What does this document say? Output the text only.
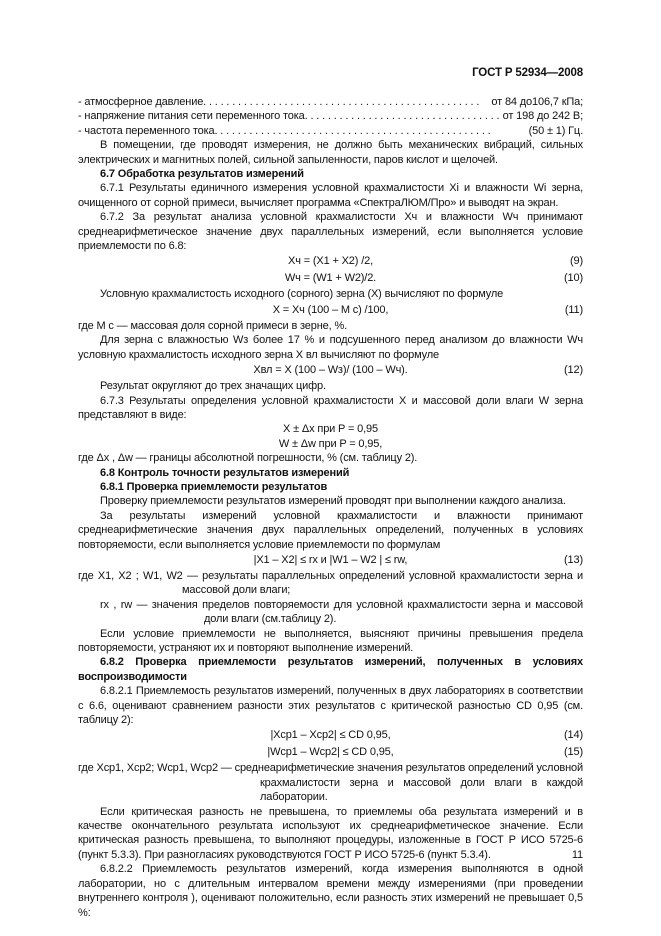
ГОСТ Р 52934—2008
- атмосферное давление . . .	от 84 до106,7 кПа;
- напряжение питания сети переменного тока . . .	от 198 до 242 В;
- частота переменного тока . . .	(50 ± 1) Гц.

В помещении, где проводят измерения, не должно быть механических вибраций, сильных электрических и магнитных полей, сильной запыленности, паров кислот и щелочей.

6.7 Обработка результатов измерений

6.7.1 Результаты единичного измерения условной крахмалистости Xi и влажности Wi зерна, очищенного от сорной примеси, вычисляет программа «СпектраЛЮМ/Про» и выводят на экран.

6.7.2 За результат анализа условной крахмалистости Xч и влажности Wч принимают среднеарифметическое значение двух параллельных измерений, если выполняется условие приемлемости по 6.8:

Xч = (X1 + X2) /2,	(9)
Wч = (W1 + W2)/2.	(10)

Условную крахмалистость исходного (сорного) зерна (X) вычисляют по формуле

X = Xч (100 – M с) /100,	(11)

где M с — массовая доля сорной примеси в зерне, %.

Для зерна с влажностью Wз более 17 % и подсушенного перед анализом до влажности Wч условную крахмалистость исходного зерна X вл вычисляют по формуле

Xвл = X (100 – Wз)/ (100 – Wч).	(12)

Результат округляют до трех значащих цифр.

6.7.3 Результаты определения условной крахмалистости X и массовой доли влаги W зерна представляют в виде:

X ± Δx при P = 0,95

W ± Δw при P = 0,95,

где Δx , Δw — границы абсолютной погрешности, % (см. таблицу 2).

6.8 Контроль точности результатов измерений

6.8.1 Проверка приемлемости результатов

Проверку приемлемости результатов измерений проводят при выполнении каждого анализа.

За результаты измерений условной крахмалистости и влажности принимают среднеарифметические значения двух параллельных определений, полученных в условиях повторяемости, если выполняется условие приемлемости по формулам

|X1 – X2| ≤ rx и |W1 – W2 | ≤ rw,	(13)

где X1, X2 ; W1, W2 — результаты параллельных определений условной крахмалистости зерна и массовой доли влаги;

rx , rw — значения пределов повторяемости для условной крахмалистости зерна и массовой доли влаги (см.таблицу 2).

Если условие приемлемости не выполняется, выясняют причины превышения предела повторяемости, устраняют их и повторяют выполнение измерений.

6.8.2 Проверка приемлемости результатов измерений, полученных в условиях воспроизводимости

6.8.2.1 Приемлемость результатов измерений, полученных в двух лабораториях в соответствии с 6.6, оценивают сравнением разности этих результатов с критической разностью CD 0,95 (см. таблицу 2):

|Xср1 – Xср2| ≤ CD 0,95,	(14)
|Wср1 – Wср2| ≤ CD 0,95,	(15)

где Xср1, Xср2; Wср1, Wср2 — среднеарифметические значения результатов определений условной крахмалистости зерна и массовой доли влаги в каждой лаборатории.

Если критическая разность не превышена, то приемлемы оба результата измерений и в качестве окончательного результата используют их среднеарифметическое значение. Если критическая разность превышена, то выполняют процедуры, изложенные в ГОСТ Р ИСО 5725-6 (пункт 5.3.3). При разногласиях руководствуются ГОСТ Р ИСО 5725-6 (пункт 5.3.4).

6.8.2.2 Приемлемость результатов измерений, когда измерения выполняются в одной лаборатории, но с длительным интервалом времени между измерениями (при проведении внутреннего контроля ), оценивают положительно, если разность этих измерений не превышает 0,5 %:

11
